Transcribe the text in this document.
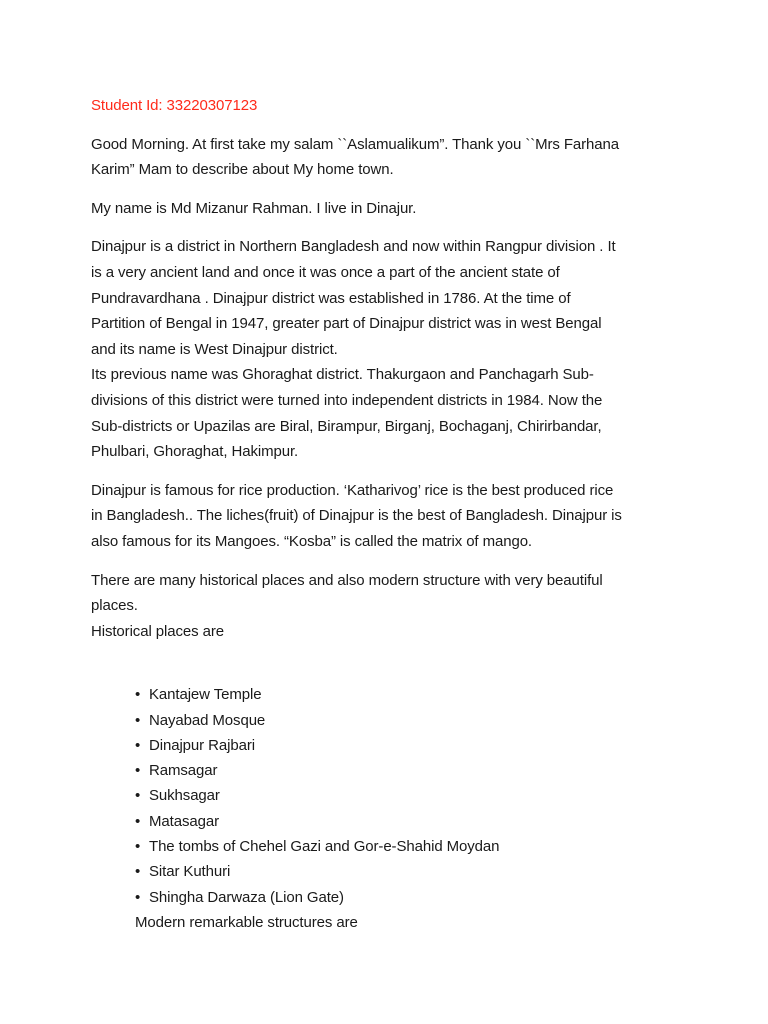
Student Id: 33220307123
Good Morning. At first take my salam ``Aslamualikum”. Thank you ``Mrs Farhana
Karim” Mam to describe about My home town.
My name is Md Mizanur Rahman. I live in Dinajur.
Dinajpur is a district in Northern Bangladesh and now within Rangpur division . It
is a very ancient land and once it was once a part of the ancient state of
Pundravardhana . Dinajpur district was established in 1786. At the time of
Partition of Bengal in 1947, greater part of Dinajpur district was in west Bengal
and its name is West Dinajpur district.
Its previous name was Ghoraghat district. Thakurgaon and Panchagarh Sub-
divisions of this district were turned into independent districts in 1984. Now the
Sub-districts or Upazilas are Biral, Birampur, Birganj, Bochaganj, Chirirbandar,
Phulbari, Ghoraghat, Hakimpur.
Dinajpur is famous for rice production. ‘Katharivog’ rice is the best produced rice
in Bangladesh.. The liches(fruit) of Dinajpur is the best of Bangladesh. Dinajpur is
also famous for its Mangoes. “Kosba” is called the matrix of mango.
There are many historical places and also modern structure with very beautiful
places.
Historical places are
• Kantajew Temple
• Nayabad Mosque
• Dinajpur Rajbari
• Ramsagar
• Sukhsagar
• Matasagar
• The tombs of Chehel Gazi and Gor-e-Shahid Moydan
• Sitar Kuthuri
• Shingha Darwaza (Lion Gate)
Modern remarkable structures are
